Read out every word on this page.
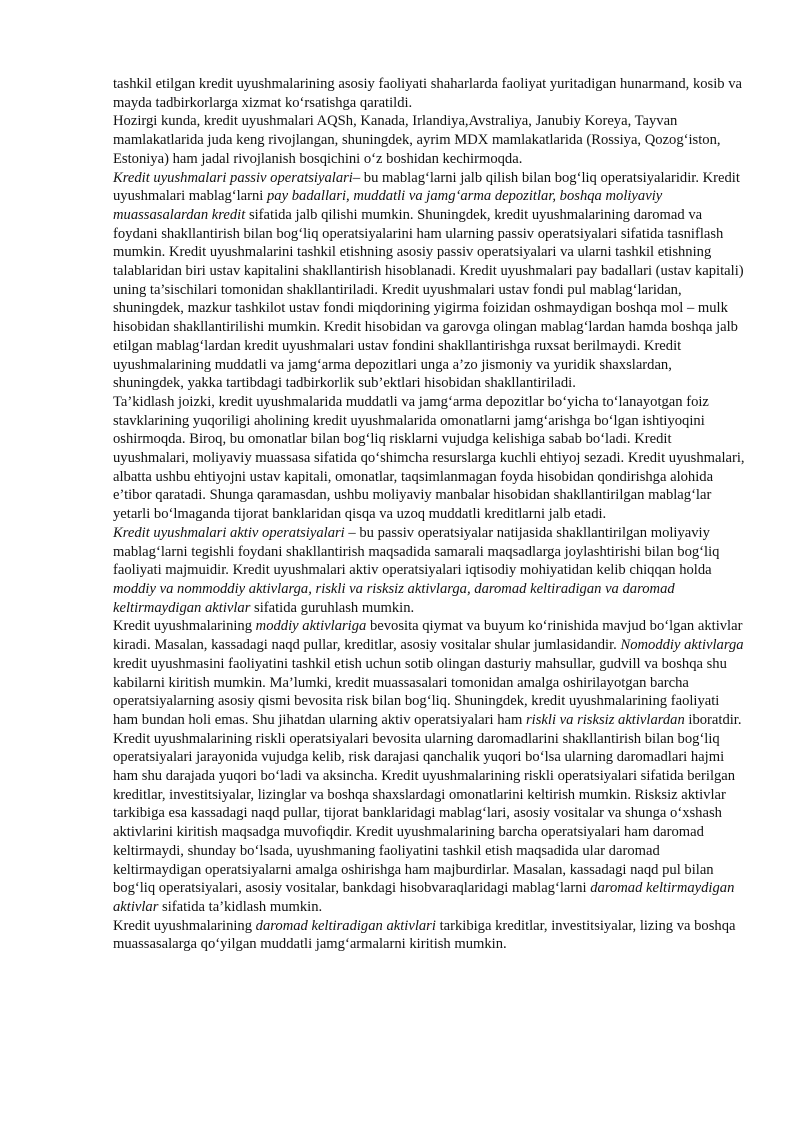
tashkil etilgan kredit uyushmalarining asosiy faoliyati shaharlarda faoliyat yuritadigan hunarmand, kosib va mayda tadbirkorlarga xizmat ko‘rsatishga qaratildi.

Hozirgi kunda, kredit uyushmalari AQSh, Kanada, Irlandiya,Avstraliya, Janubiy Koreya, Tayvan mamlakatlarida juda keng rivojlangan, shuningdek, ayrim MDX mamlakatlarida (Rossiya, Qozog‘iston, Estoniya) ham jadal rivojlanish bosqichini o‘z boshidan kechirmoqda.

Kredit uyushmalari passiv operatsiyalari– bu mablag‘larni jalb qilish bilan bog‘liq operatsiyalaridir. Kredit uyushmalari mablag‘larni pay badallari, muddatli va jamg‘arma depozitlar, boshqa moliyaviy muassasalardan kredit sifatida jalb qilishi mumkin. Shuningdek, kredit uyushmalarining daromad va foydani shakllantirish bilan bog‘liq operatsiyalarini ham ularning passiv operatsiyalari sifatida tasniflash mumkin. Kredit uyushmalarini tashkil etishning asosiy passiv operatsiyalari va ularni tashkil etishning talablaridan biri ustav kapitalini shakllantirish hisoblanadi. Kredit uyushmalari pay badallari (ustav kapitali) uning ta’sischilari tomonidan shakllantiriladi. Kredit uyushmalari ustav fondi pul mablag‘laridan, shuningdek, mazkur tashkilot ustav fondi miqdorining yigirma foizidan oshmaydigan boshqa mol – mulk hisobidan shakllantirilishi mumkin. Kredit hisobidan va garovga olingan mablag‘lardan hamda boshqa jalb etilgan mablag‘lardan kredit uyushmalari ustav fondini shakllantirishga ruxsat berilmaydi. Kredit uyushmalarining muddatli va jamg‘arma depozitlari unga a’zo jismoniy va yuridik shaxslardan, shuningdek, yakka tartibdagi tadbirkorlik sub’ektlari hisobidan shakllantiriladi.

Ta’kidlash joizki, kredit uyushmalarida muddatli va jamg‘arma depozitlar bo‘yicha to‘lanayotgan foiz stavklarining yuqoriligi aholining kredit uyushmalarida omonatlarni jamg‘arishga bo‘lgan ishtiyoqini oshirmoqda. Biroq, bu omonatlar bilan bog‘liq risklarni vujudga kelishiga sabab bo‘ladi. Kredit uyushmalari, moliyaviy muassasa sifatida qo‘shimcha resurslarga kuchli ehtiyoj sezadi. Kredit uyushmalari, albatta ushbu ehtiyojni ustav kapitali, omonatlar, taqsimlanmagan foyda hisobidan qondirishga alohida e’tibor qaratadi. Shunga qaramasdan, ushbu moliyaviy manbalar hisobidan shakllantirilgan mablag‘lar yetarli bo‘lmaganda tijorat banklaridan qisqa va uzoq muddatli kreditlarni jalb etadi.

Kredit uyushmalari aktiv operatsiyalari – bu passiv operatsiyalar natijasida shakllantirilgan moliyaviy mablag‘larni tegishli foydani shakllantirish maqsadida samarali maqsadlarga joylashtirishi bilan bog‘liq faoliyati majmuidir. Kredit uyushmalari aktiv operatsiyalari iqtisodiy mohiyatidan kelib chiqqan holda moddiy va nommoddiy aktivlarga, riskli va risksiz aktivlarga, daromad keltiradigan va daromad keltirmaydigan aktivlar sifatida guruhlash mumkin.

Kredit uyushmalarining moddiy aktivlariga bevosita qiymat va buyum ko‘rinishida mavjud bo‘lgan aktivlar kiradi. Masalan, kassadagi naqd pullar, kreditlar, asosiy vositalar shular jumlasidandir. Nomoddiy aktivlarga kredit uyushmasini faoliyatini tashkil etish uchun sotib olingan dasturiy mahsullar, gudvill va boshqa shu kabilarni kiritish mumkin. Ma’lumki, kredit muassasalari tomonidan amalga oshirilayotgan barcha operatsiyalarning asosiy qismi bevosita risk bilan bog‘liq. Shuningdek, kredit uyushmalarining faoliyati ham bundan holi emas. Shu jihatdan ularning aktiv operatsiyalari ham riskli va risksiz aktivlardan iboratdir.

Kredit uyushmalarining riskli operatsiyalari bevosita ularning daromadlarini shakllantirish bilan bog‘liq operatsiyalari jarayonida vujudga kelib, risk darajasi qanchalik yuqori bo‘lsa ularning daromadlari hajmi ham shu darajada yuqori bo‘ladi va aksincha. Kredit uyushmalarining riskli operatsiyalari sifatida berilgan kreditlar, investitsiyalar, lizinglar va boshqa shaxslardagi omonatlarini keltirish mumkin. Risksiz aktivlar tarkibiga esa kassadagi naqd pullar, tijorat banklaridagi mablag‘lari, asosiy vositalar va shunga o‘xshash aktivlarini kiritish maqsadga muvofiqdir. Kredit uyushmalarining barcha operatsiyalari ham daromad keltirmaydi, shunday bo‘lsada, uyushmaning faoliyatini tashkil etish maqsadida ular daromad keltirmaydigan operatsiyalarni amalga oshirishga ham majburdirlar. Masalan, kassadagi naqd pul bilan bog‘liq operatsiyalari, asosiy vositalar, bankdagi hisobvaraqlaridagi mablag‘larni daromad keltirmaydigan aktivlar sifatida ta’kidlash mumkin.

Kredit uyushmalarining daromad keltiradigan aktivlari tarkibiga kreditlar, investitsiyalar, lizing va boshqa muassasalarga qo‘yilgan muddatli jamg‘armalarni kiritish mumkin.
